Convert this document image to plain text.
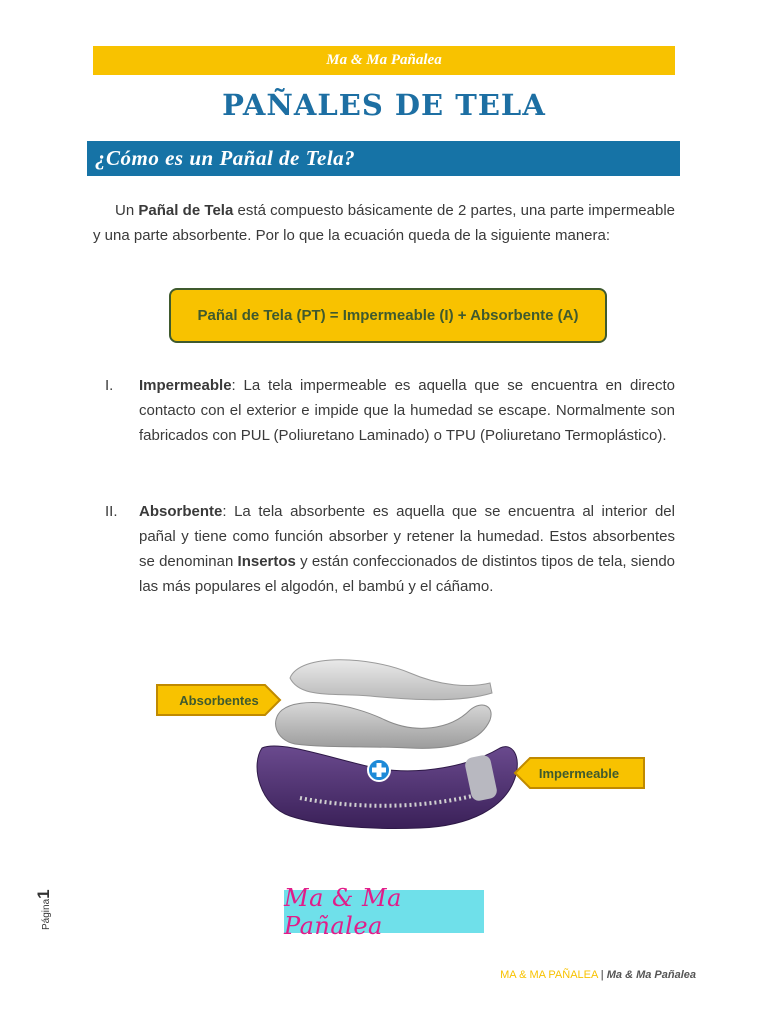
Ma & Ma Pañalea
PAÑALES DE TELA
¿Cómo es un Pañal de Tela?

Un Pañal de Tela está compuesto básicamente de 2 partes, una parte impermeable y una parte absorbente. Por lo que la ecuación queda de la siguiente manera:

Pañal de Tela (PT) = Impermeable (I) + Absorbente (A)
I. Impermeable: La tela impermeable es aquella que se encuentra en directo contacto con el exterior e impide que la humedad se escape. Normalmente son fabricados con PUL (Poliuretano Laminado) o TPU (Poliuretano Termoplástico).
II. Absorbente: La tela absorbente es aquella que se encuentra al interior del pañal y tiene como función absorber y retener la humedad. Estos absorbentes se denominan Insertos y están confeccionados de distintos tipos de tela, siendo las más populares el algodón, el bambú y el cáñamo.
Absorbentes
Impermeable
Ma & Ma Pañalea
Página1
MA & MA PAÑALEA | Ma & Ma Pañalea
